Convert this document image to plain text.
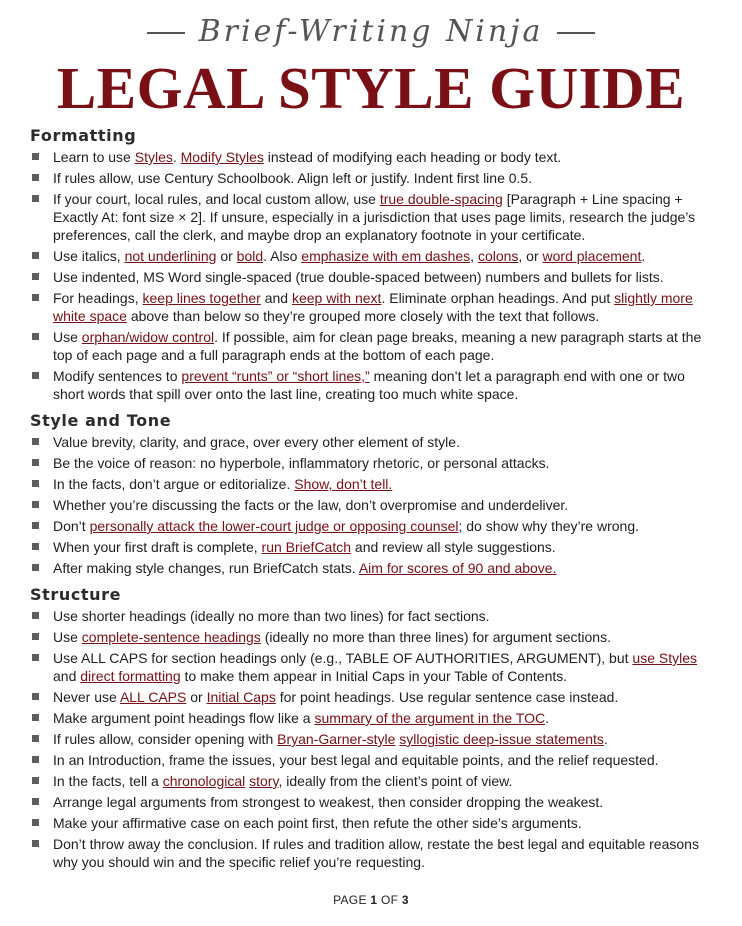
Brief-Writing Ninja
LEGAL STYLE GUIDE
Formatting
Learn to use Styles. Modify Styles instead of modifying each heading or body text.
If rules allow, use Century Schoolbook. Align left or justify. Indent first line 0.5.
If your court, local rules, and local custom allow, use true double-spacing [Paragraph + Line spacing + Exactly At: font size × 2]. If unsure, especially in a jurisdiction that uses page limits, research the judge’s preferences, call the clerk, and maybe drop an explanatory footnote in your certificate.
Use italics, not underlining or bold. Also emphasize with em dashes, colons, or word placement.
Use indented, MS Word single-spaced (true double-spaced between) numbers and bullets for lists.
For headings, keep lines together and keep with next. Eliminate orphan headings. And put slightly more white space above than below so they’re grouped more closely with the text that follows.
Use orphan/widow control. If possible, aim for clean page breaks, meaning a new paragraph starts at the top of each page and a full paragraph ends at the bottom of each page.
Modify sentences to prevent “runts” or “short lines,” meaning don’t let a paragraph end with one or two short words that spill over onto the last line, creating too much white space.
Style and Tone
Value brevity, clarity, and grace, over every other element of style.
Be the voice of reason: no hyperbole, inflammatory rhetoric, or personal attacks.
In the facts, don’t argue or editorialize. Show, don’t tell.
Whether you’re discussing the facts or the law, don’t overpromise and underdeliver.
Don’t personally attack the lower-court judge or opposing counsel; do show why they’re wrong.
When your first draft is complete, run BriefCatch and review all style suggestions.
After making style changes, run BriefCatch stats. Aim for scores of 90 and above.
Structure
Use shorter headings (ideally no more than two lines) for fact sections.
Use complete-sentence headings (ideally no more than three lines) for argument sections.
Use ALL CAPS for section headings only (e.g., TABLE OF AUTHORITIES, ARGUMENT), but use Styles and direct formatting to make them appear in Initial Caps in your Table of Contents.
Never use ALL CAPS or Initial Caps for point headings. Use regular sentence case instead.
Make argument point headings flow like a summary of the argument in the TOC.
If rules allow, consider opening with Bryan-Garner-style syllogistic deep-issue statements.
In an Introduction, frame the issues, your best legal and equitable points, and the relief requested.
In the facts, tell a chronological story, ideally from the client’s point of view.
Arrange legal arguments from strongest to weakest, then consider dropping the weakest.
Make your affirmative case on each point first, then refute the other side’s arguments.
Don’t throw away the conclusion. If rules and tradition allow, restate the best legal and equitable reasons why you should win and the specific relief you’re requesting.
PAGE 1 OF 3
